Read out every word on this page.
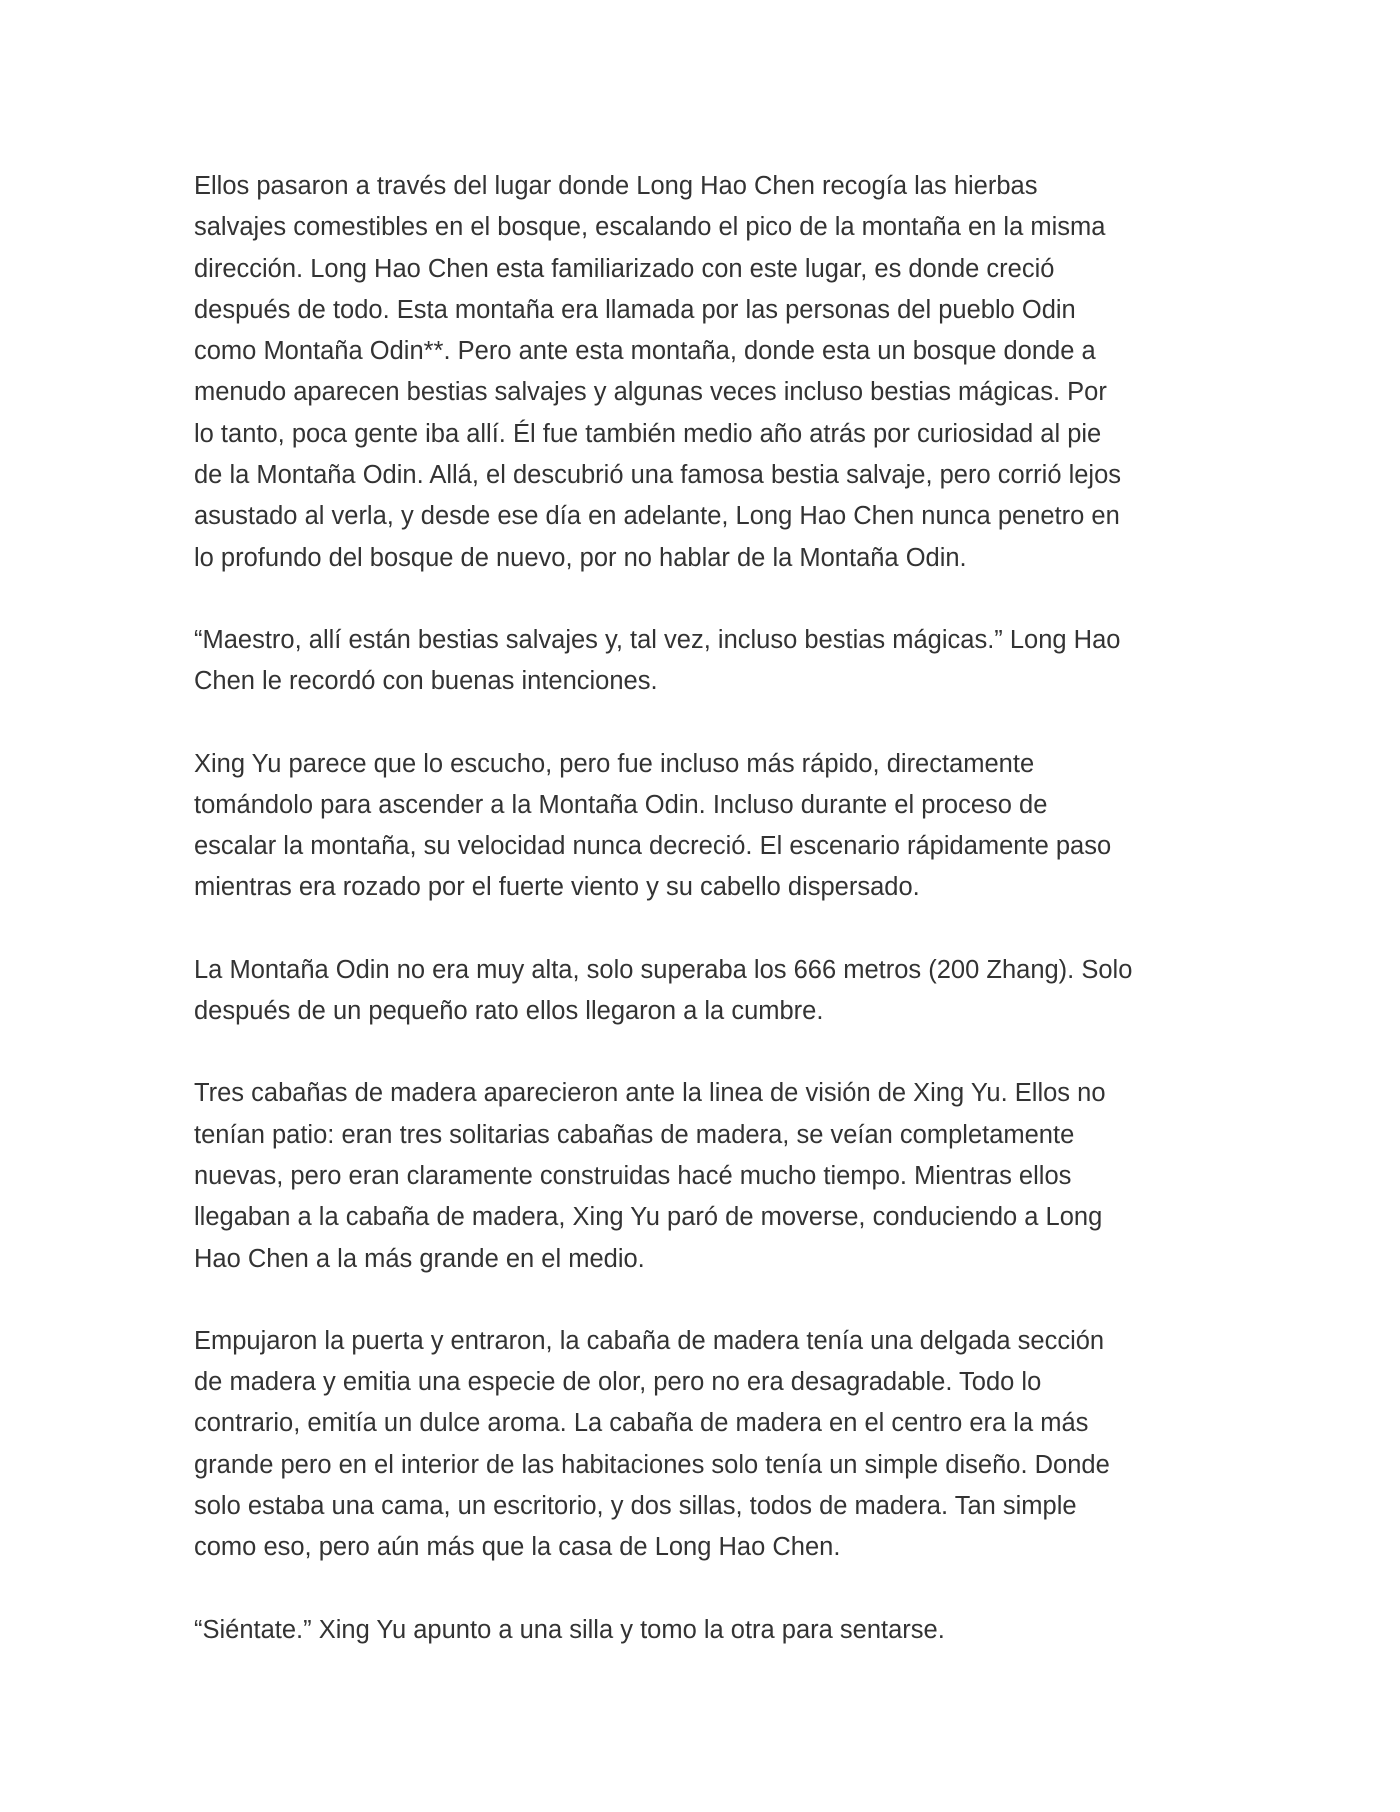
Ellos pasaron a través del lugar donde Long Hao Chen recogía las hierbas
salvajes comestibles en el bosque, escalando el pico de la montaña en la misma
dirección. Long Hao Chen esta familiarizado con este lugar, es donde creció
después de todo. Esta montaña era llamada por las personas del pueblo Odin
como Montaña Odin**. Pero ante esta montaña, donde esta un bosque donde a
menudo aparecen bestias salvajes y algunas veces incluso bestias mágicas. Por
lo tanto, poca gente iba allí. Él fue también medio año atrás por curiosidad al pie
de la Montaña Odin. Allá, el descubrió una famosa bestia salvaje, pero corrió lejos
asustado al verla, y desde ese día en adelante, Long Hao Chen nunca penetro en
lo profundo del bosque de nuevo, por no hablar de la Montaña Odin.

“Maestro, allí están bestias salvajes y, tal vez, incluso bestias mágicas.” Long Hao
Chen le recordó con buenas intenciones.

Xing Yu parece que lo escucho, pero fue incluso más rápido, directamente
tomándolo para ascender a la Montaña Odin. Incluso durante el proceso de
escalar la montaña, su velocidad nunca decreció. El escenario rápidamente paso
mientras era rozado por el fuerte viento y su cabello dispersado.

La Montaña Odin no era muy alta, solo superaba los 666 metros (200 Zhang). Solo
después de un pequeño rato ellos llegaron a la cumbre.

Tres cabañas de madera aparecieron ante la linea de visión de Xing Yu. Ellos no
tenían patio: eran tres solitarias cabañas de madera, se veían completamente
nuevas, pero eran claramente construidas hacé mucho tiempo. Mientras ellos
llegaban a la cabaña de madera, Xing Yu paró de moverse, conduciendo a Long
Hao Chen a la más grande en el medio.

Empujaron la puerta y entraron, la cabaña de madera tenía una delgada sección
de madera y emitia una especie de olor, pero no era desagradable. Todo lo
contrario, emitía un dulce aroma. La cabaña de madera en el centro era la más
grande pero en el interior de las habitaciones solo tenía un simple diseño. Donde
solo estaba una cama, un escritorio, y dos sillas, todos de madera. Tan simple
como eso, pero aún más que la casa de Long Hao Chen.

“Siéntate.” Xing Yu apunto a una silla y tomo la otra para sentarse.
